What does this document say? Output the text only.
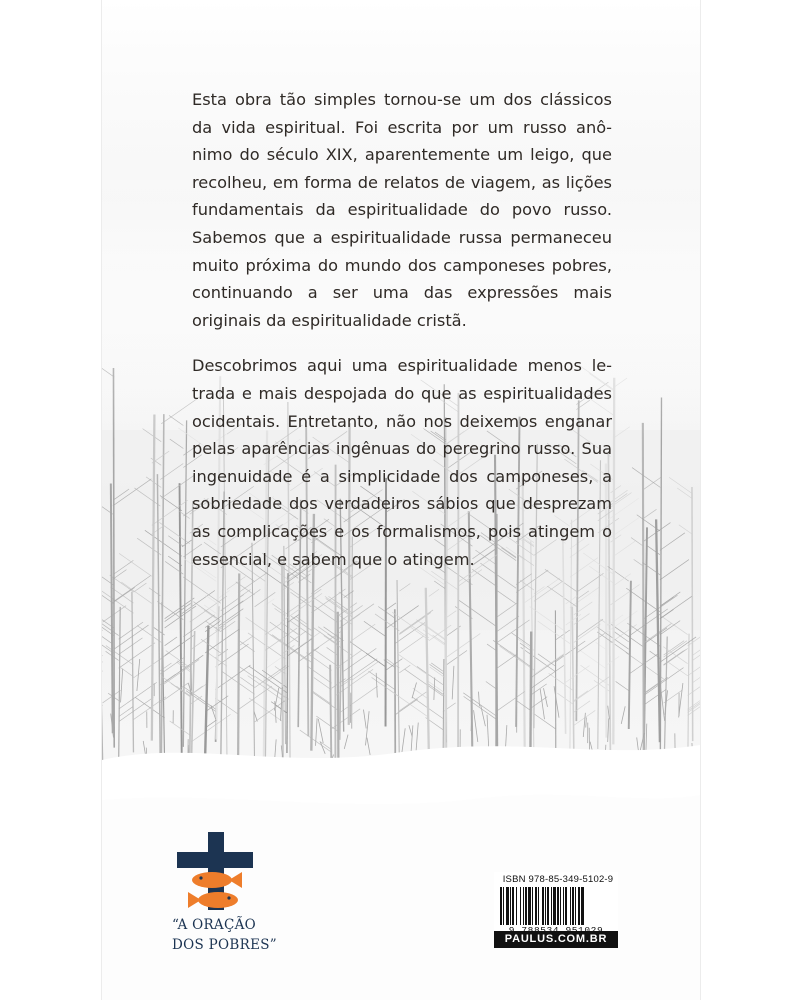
Esta obra tão simples tornou-se um dos clássicos da vida espiritual. Foi escrita por um russo anônimo do século XIX, aparentemente um leigo, que recolheu, em forma de relatos de viagem, as lições fundamentais da espiritualidade do povo russo. Sabemos que a espiritualidade russa permaneceu muito próxima do mundo dos camponeses pobres, continuando a ser uma das expressões mais originais da espiritualidade cristã.

Descobrimos aqui uma espiritualidade menos letrada e mais despojada do que as espiritualidades ocidentais. Entretanto, não nos deixemos enganar pelas aparências ingênuas do peregrino russo. Sua ingenuidade é a simplicidade dos camponeses, a sobriedade dos verdadeiros sábios que desprezam as complicações e os formalismos, pois atingem o essencial, e sabem que o atingem.

“A ORAÇÃO
DOS POBRES”
ISBN 978-85-349-5102-9
PAULUS.COM.BR
